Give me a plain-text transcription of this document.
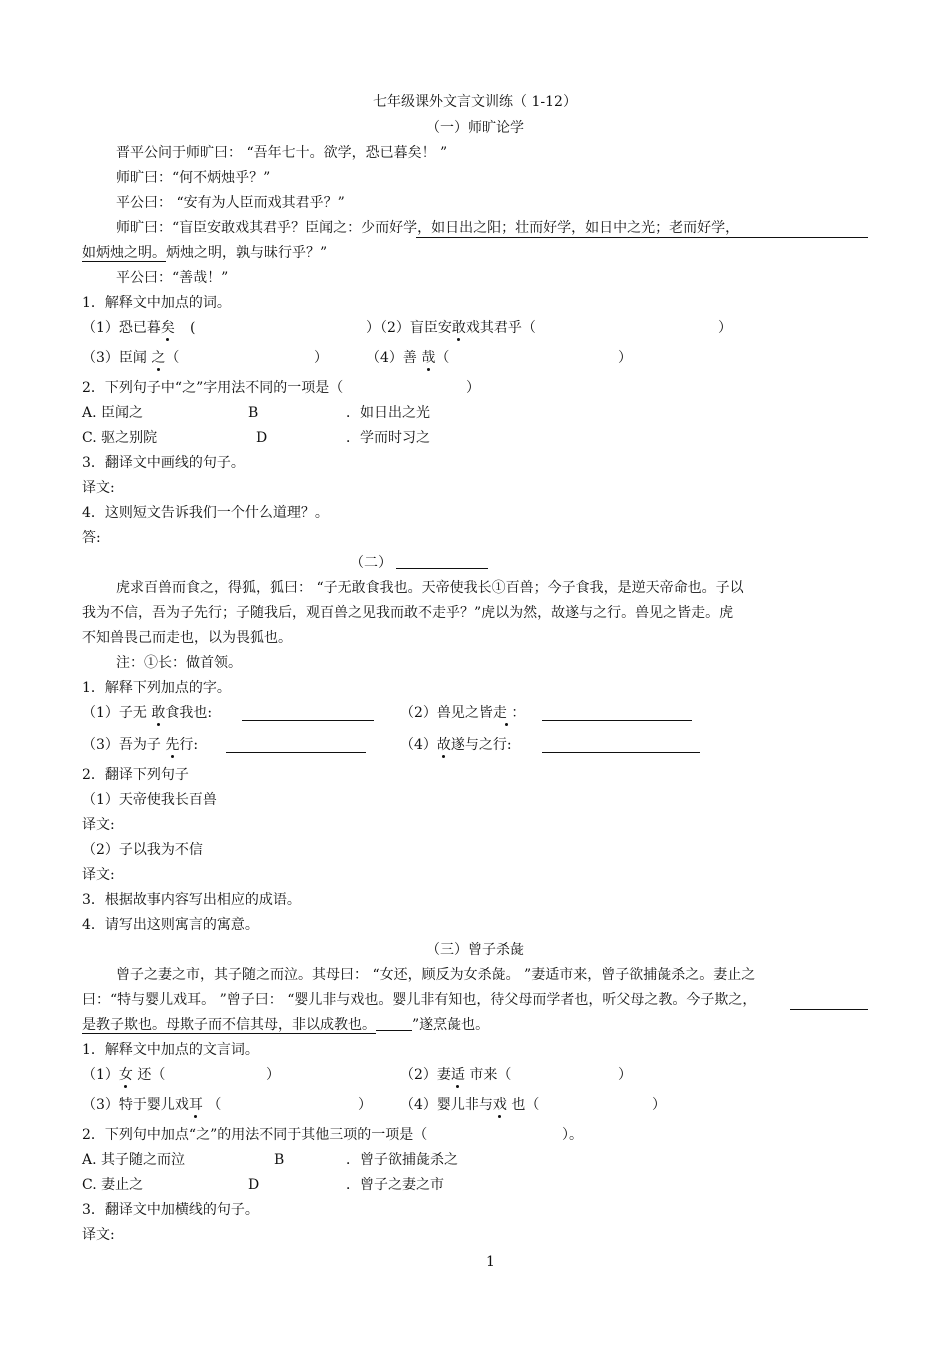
七年级课外文言文训练（ 1-12）
（一）师旷论学
晋平公问于师旷曰： “吾年七十。欲学，恐已暮矣！ ”
师旷曰：“何不炳烛乎？”
平公曰： “安有为人臣而戏其君乎？”
师旷曰：“盲臣安敢戏其君乎？臣闻之：少而好学，如日出之阳；壮而好学，如日中之光；老而好学，
如炳烛之明。炳烛之明，孰与昧行乎？”
平公曰：“善哉！”
1．解释文中加点的词。
（1）恐已暮矣 (	）（2）盲臣安敢戏其君乎（	）
（3）臣闻 之（	）	（4）善 哉（	）
2．下列句子中“之”字用法不同的一项是（	）
A. 臣闻之	B	．如日出之光
C. 驱之别院	D	．学而时习之
3．翻译文中画线的句子。
译文:
4．这则短文告诉我们一个什么道理？。
答:
（二）
虎求百兽而食之，得狐，狐曰： “子无敢食我也。天帝使我长①百兽；今子食我，是逆天帝命也。子以
我为不信，吾为子先行；子随我后，观百兽之见我而敢不走乎？”虎以为然，故遂与之行。兽见之皆走。虎
不知兽畏己而走也，以为畏狐也。
注：①长：做首领。
1．解释下列加点的字。
（1）子无 敢食我也:	（2）兽见之皆走 ：
（3）吾为子 先行:	（4）故遂与之行:
2．翻译下列句子
（1）天帝使我长百兽
译文:
（2）子以我为不信
译文:
3．根据故事内容写出相应的成语。
4．请写出这则寓言的寓意。
（三）曾子杀彘
曾子之妻之市，其子随之而泣。其母曰： “女还，顾反为女杀彘。 ”妻适市来，曾子欲捕彘杀之。妻止之
曰：“特与婴儿戏耳。 ”曾子曰： “婴儿非与戏也。婴儿非有知也，待父母而学者也，听父母之教。今子欺之，
是教子欺也。母欺子而不信其母，非以成教也。	”遂烹彘也。
1．解释文中加点的文言词。
（1）女 还（	）	（2）妻适 市来（	）
（3）特于婴儿戏耳 （	） （4）婴儿非与戏 也（	）
2．下列句中加点“之”的用法不同于其他三项的一项是（	）。
A. 其子随之而泣	B	．曾子欲捕彘杀之
C. 妻止之	D	．曾子之妻之市
3．翻译文中加横线的句子。
译文:
1
